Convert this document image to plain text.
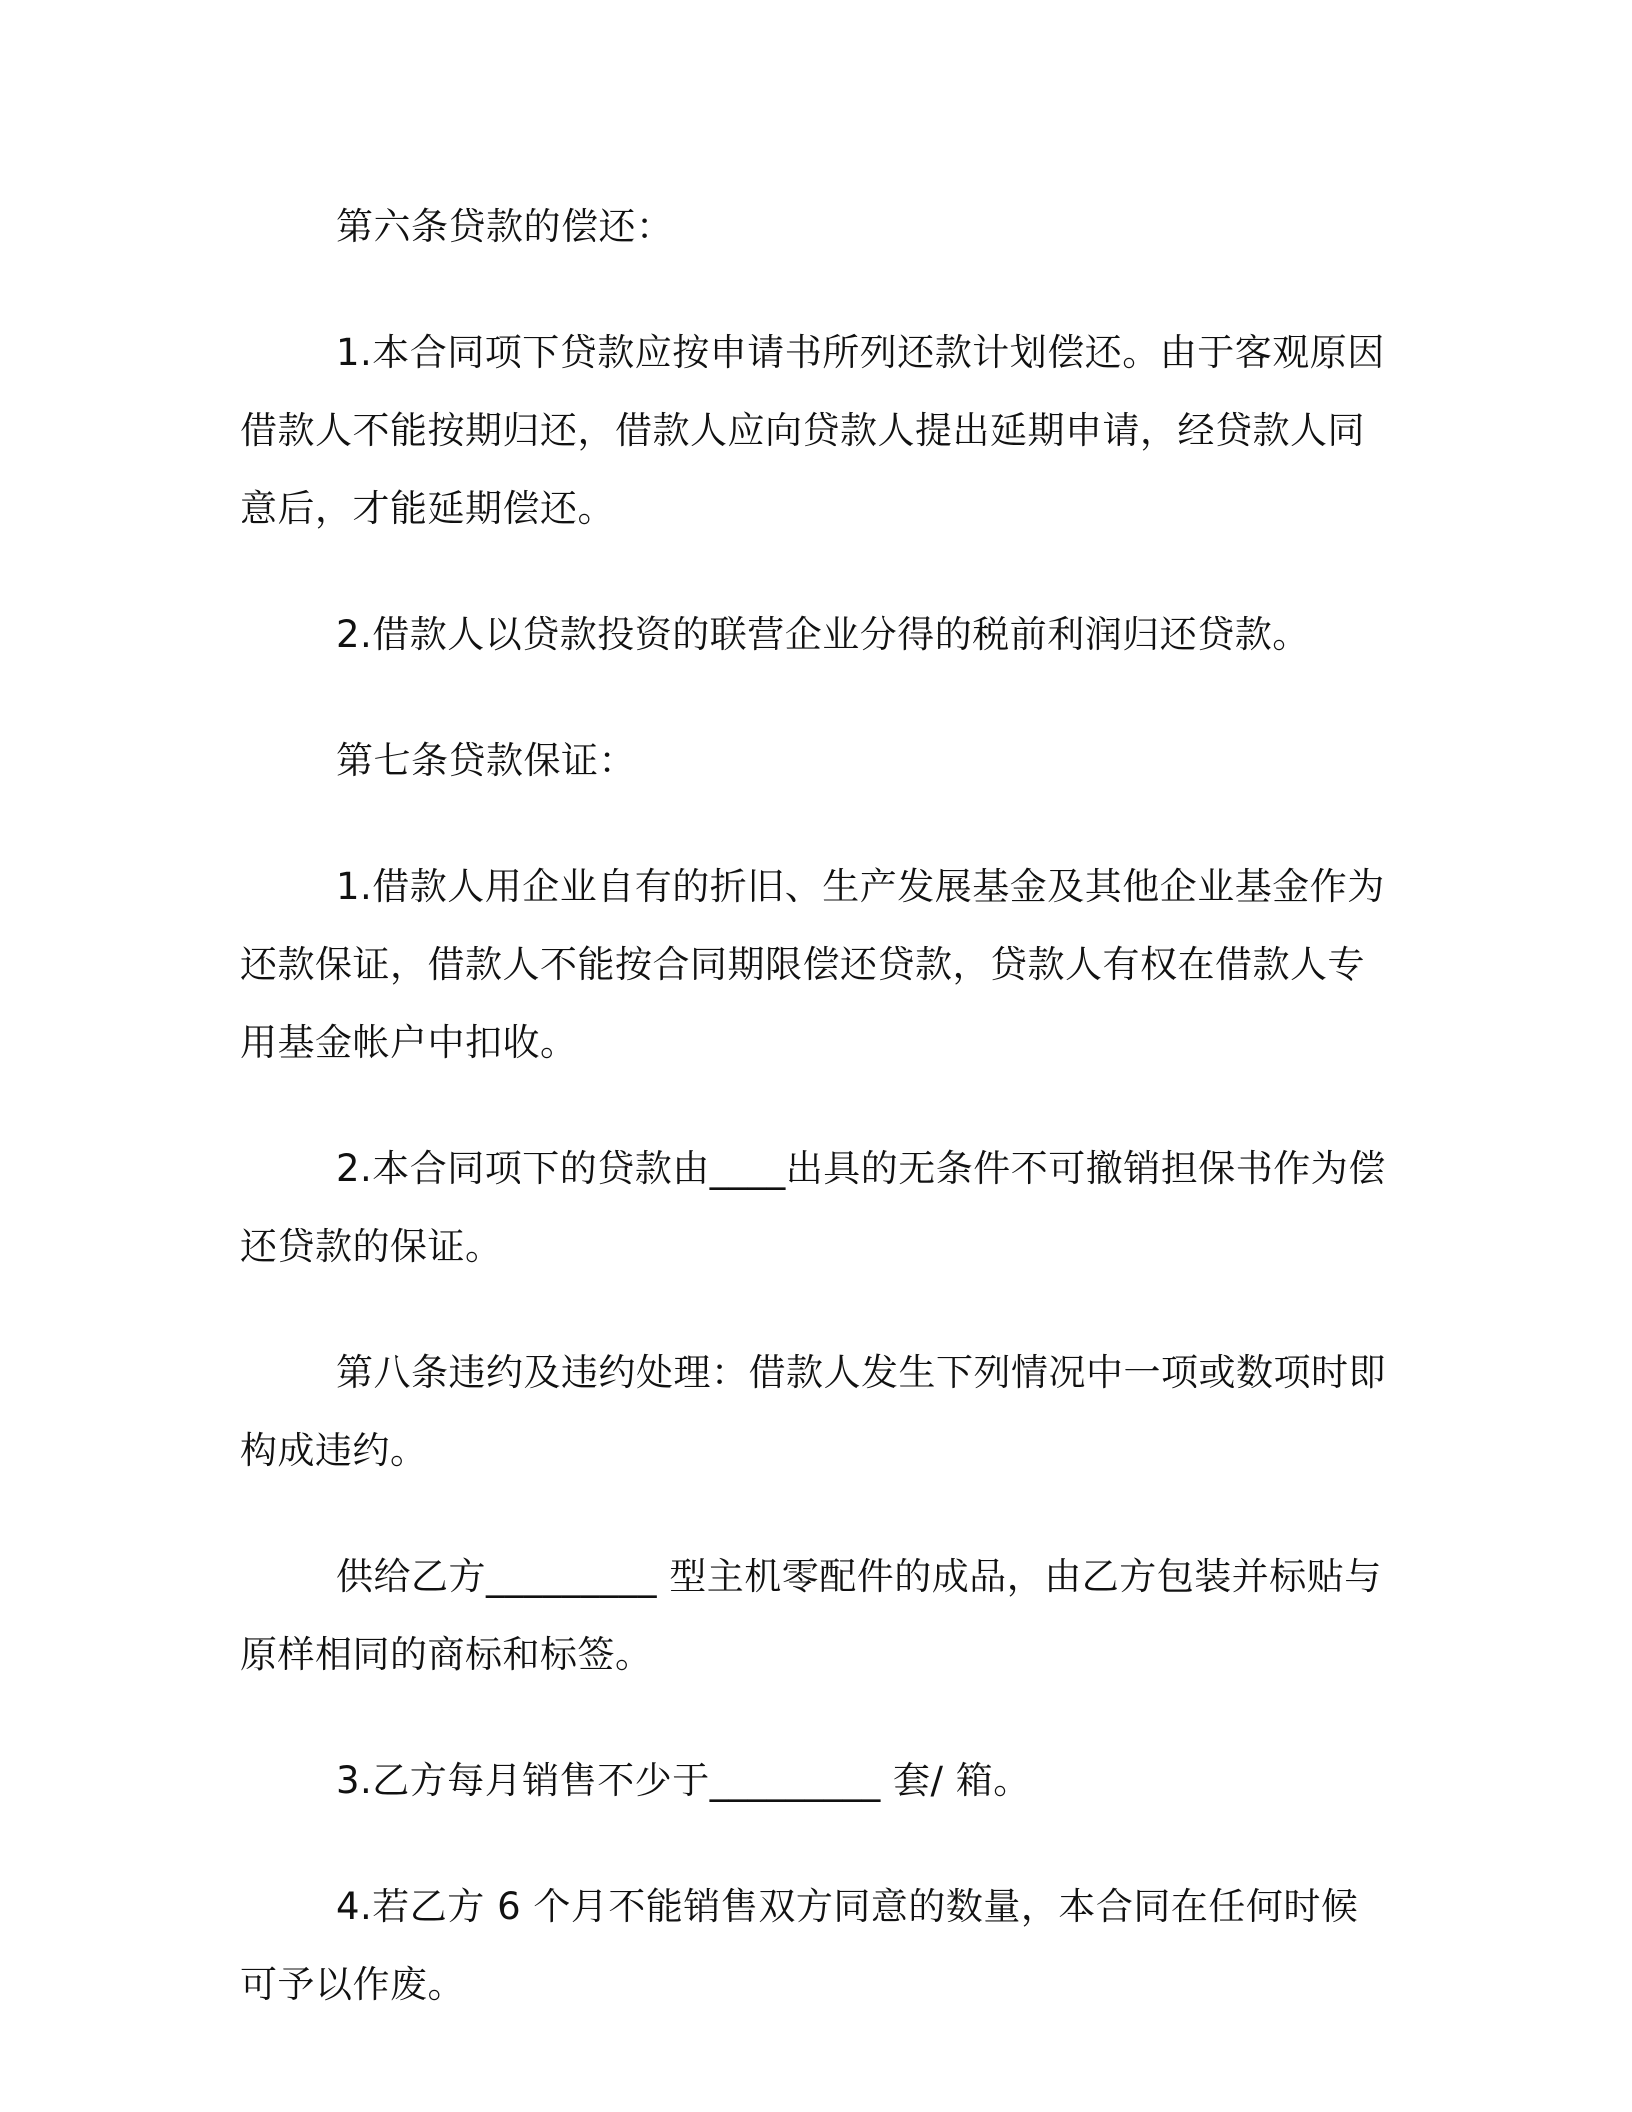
第六条贷款的偿还：

1.本合同项下贷款应按申请书所列还款计划偿还。由于客观原因借款人不能按期归还，借款人应向贷款人提出延期申请，经贷款人同意后，才能延期偿还。

2.借款人以贷款投资的联营企业分得的税前利润归还贷款。

第七条贷款保证：

1.借款人用企业自有的折旧、生产发展基金及其他企业基金作为还款保证，借款人不能按合同期限偿还贷款，贷款人有权在借款人专用基金帐户中扣收。

2.本合同项下的贷款由____出具的无条件不可撤销担保书作为偿还贷款的保证。

第八条违约及违约处理：借款人发生下列情况中一项或数项时即构成违约。

供给乙方_________ 型主机零配件的成品，由乙方包装并标贴与原样相同的商标和标签。

3.乙方每月销售不少于_________ 套/ 箱。

4.若乙方 6 个月不能销售双方同意的数量，本合同在任何时候可予以作废。
